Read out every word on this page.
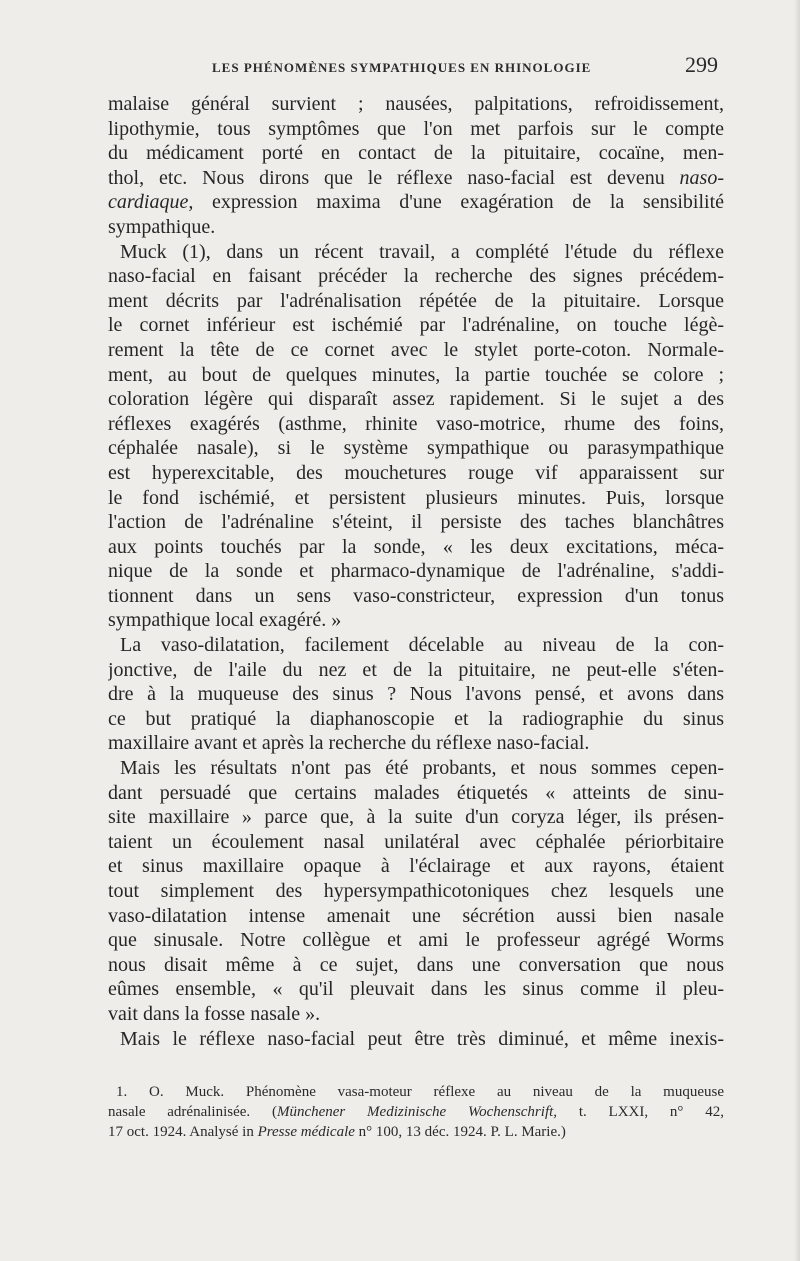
LES PHÉNOMÈNES SYMPATHIQUES EN RHINOLOGIE	299
malaise général survient ; nausées, palpitations, refroidissement,
lipothymie, tous symptômes que l'on met parfois sur le compte
du médicament porté en contact de la pituitaire, cocaïne, men-
thol, etc. Nous dirons que le réflexe naso-facial est devenu naso-
cardiaque, expression maxima d'une exagération de la sensibilité
sympathique.
Muck (1), dans un récent travail, a complété l'étude du réflexe
naso-facial en faisant précéder la recherche des signes précédem-
ment décrits par l'adrénalisation répétée de la pituitaire. Lorsque
le cornet inférieur est ischémié par l'adrénaline, on touche légè-
rement la tête de ce cornet avec le stylet porte-coton. Normale-
ment, au bout de quelques minutes, la partie touchée se colore ;
coloration légère qui disparaît assez rapidement. Si le sujet a des
réflexes exagérés (asthme, rhinite vaso-motrice, rhume des foins,
céphalée nasale), si le système sympathique ou parasympathique
est hyperexcitable, des mouchetures rouge vif apparaissent sur
le fond ischémié, et persistent plusieurs minutes. Puis, lorsque
l'action de l'adrénaline s'éteint, il persiste des taches blanchâtres
aux points touchés par la sonde, « les deux excitations, méca-
nique de la sonde et pharmaco-dynamique de l'adrénaline, s'addi-
tionnent dans un sens vaso-constricteur, expression d'un tonus
sympathique local exagéré. »
La vaso-dilatation, facilement décelable au niveau de la con-
jonctive, de l'aile du nez et de la pituitaire, ne peut-elle s'éten-
dre à la muqueuse des sinus ? Nous l'avons pensé, et avons dans
ce but pratiqué la diaphanoscopie et la radiographie du sinus
maxillaire avant et après la recherche du réflexe naso-facial.
Mais les résultats n'ont pas été probants, et nous sommes cepen-
dant persuadé que certains malades étiquetés « atteints de sinu-
site maxillaire » parce que, à la suite d'un coryza léger, ils présen-
taient un écoulement nasal unilatéral avec céphalée périorbitaire
et sinus maxillaire opaque à l'éclairage et aux rayons, étaient
tout simplement des hypersympathicotoniques chez lesquels une
vaso-dilatation intense amenait une sécrétion aussi bien nasale
que sinusale. Notre collègue et ami le professeur agrégé Worms
nous disait même à ce sujet, dans une conversation que nous
eûmes ensemble, « qu'il pleuvait dans les sinus comme il pleu-
vait dans la fosse nasale ».
Mais le réflexe naso-facial peut être très diminué, et même inexis-
1. O. Muck. Phénomène vasa-moteur réflexe au niveau de la muqueuse
nasale adrénalinisée. (Münchener Medizinische Wochenschrift, t. LXXI, n° 42,
17 oct. 1924. Analysé in Presse médicale n° 100, 13 déc. 1924. P. L. Marie.)
